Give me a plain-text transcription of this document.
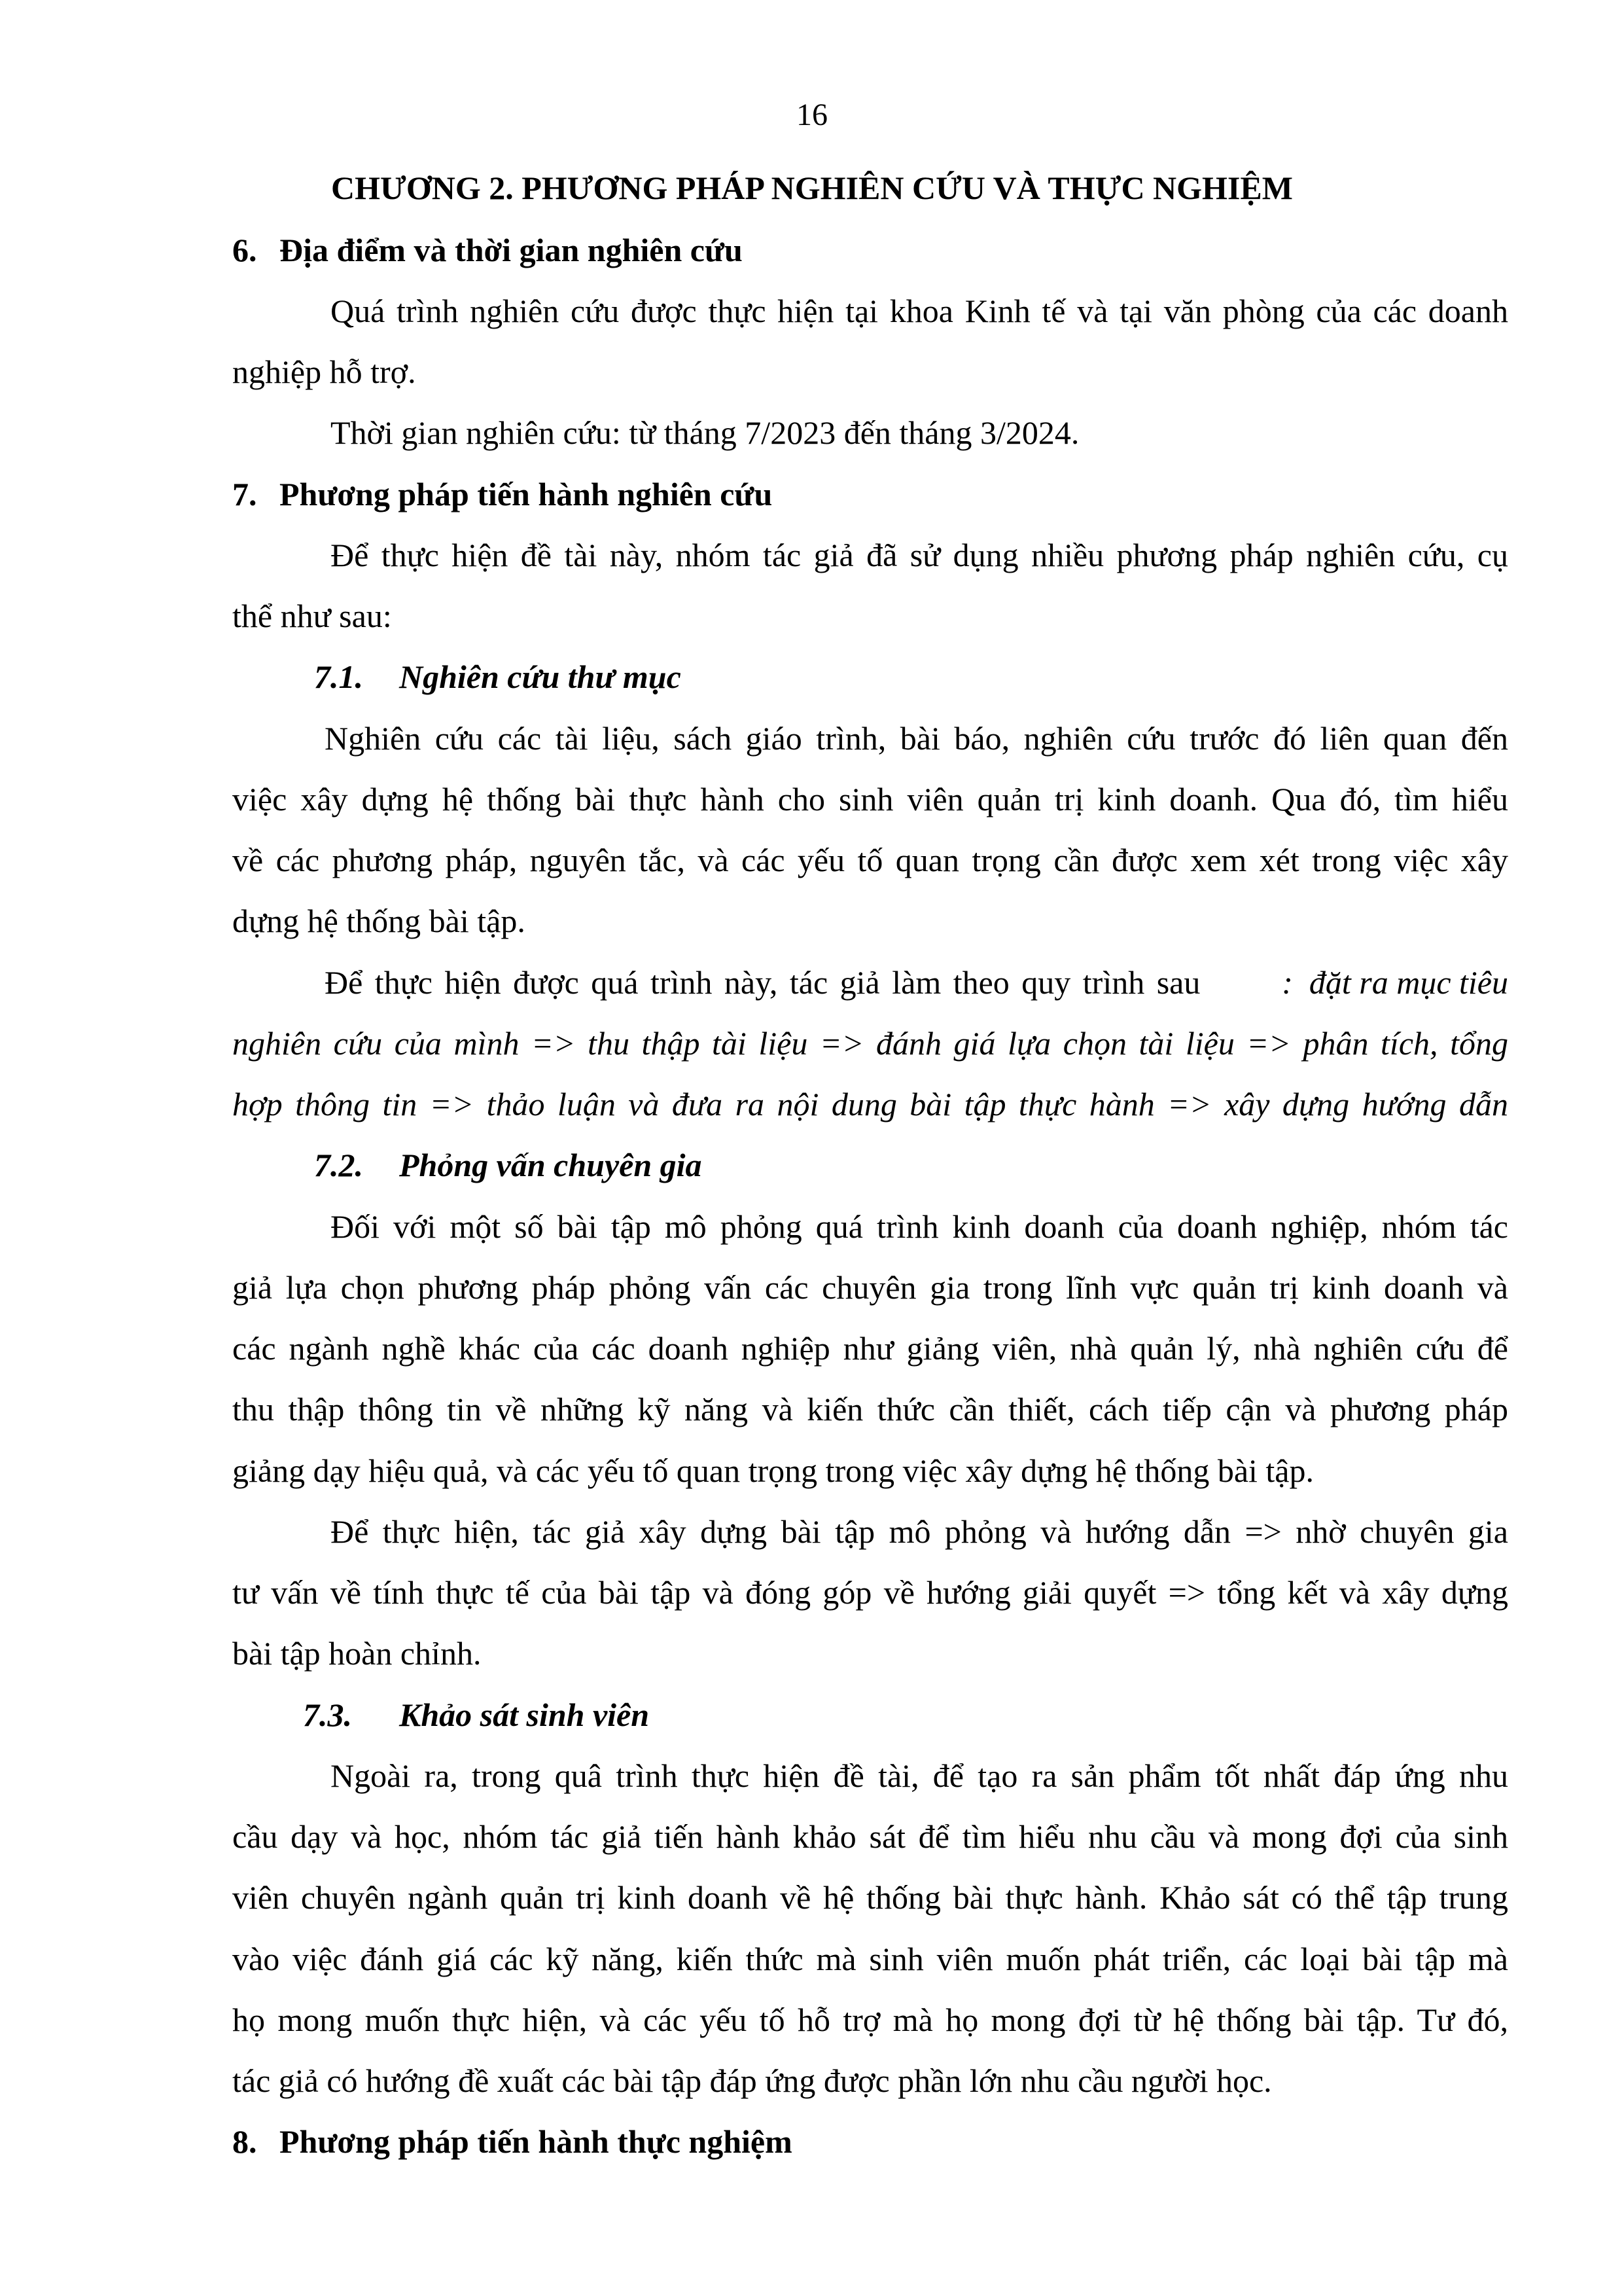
16
CHƯƠNG 2. PHƯƠNG PHÁP NGHIÊN CỨU VÀ THỰC NGHIỆM
6. Địa điểm và thời gian nghiên cứu
Quá trình nghiên cứu được thực hiện tại khoa Kinh tế và tại văn phòng của các doanh
nghiệp hỗ trợ.
Thời gian nghiên cứu: từ tháng 7/2023 đến tháng 3/2024.
7. Phương pháp tiến hành nghiên cứu
Để thực hiện đề tài này, nhóm tác giả đã sử dụng nhiều phương pháp nghiên cứu, cụ
thể như sau:
7.1. Nghiên cứu thư mục
Nghiên cứu các tài liệu, sách giáo trình, bài báo, nghiên cứu trước đó liên quan đến
việc xây dựng hệ thống bài thực hành cho sinh viên quản trị kinh doanh. Qua đó, tìm hiểu
về các phương pháp, nguyên tắc, và các yếu tố quan trọng cần được xem xét trong việc xây
dựng hệ thống bài tập.
Để thực hiện được quá trình này, tác giả làm theo quy trình sau :  đặt ra mục tiêu
nghiên cứu của mình => thu thập tài liệu => đánh giá lựa chọn tài liệu => phân tích, tổng
hợp thông tin => thảo luận và đưa ra nội dung bài tập thực hành => xây dựng hướng dẫn
7.2. Phỏng vấn chuyên gia
Đối với một số bài tập mô phỏng quá trình kinh doanh của doanh nghiệp, nhóm tác
giả lựa chọn phương pháp phỏng vấn các chuyên gia trong lĩnh vực quản trị kinh doanh và
các ngành nghề khác của các doanh nghiệp như giảng viên, nhà quản lý, nhà nghiên cứu để
thu thập thông tin về những kỹ năng và kiến thức cần thiết, cách tiếp cận và phương pháp
giảng dạy hiệu quả, và các yếu tố quan trọng trong việc xây dựng hệ thống bài tập.
Để thực hiện, tác giả xây dựng bài tập mô phỏng và hướng dẫn => nhờ chuyên gia
tư vấn về tính thực tế của bài tập và đóng góp về hướng giải quyết => tổng kết và xây dựng
bài tập hoàn chỉnh.
7.3. Khảo sát sinh viên
Ngoài ra, trong quâ trình thực hiện đề tài, để tạo ra sản phẩm tốt nhất đáp ứng nhu
cầu dạy và học, nhóm tác giả tiến hành khảo sát để tìm hiểu nhu cầu và mong đợi của sinh
viên chuyên ngành quản trị kinh doanh về hệ thống bài thực hành. Khảo sát có thể tập trung
vào việc đánh giá các kỹ năng, kiến thức mà sinh viên muốn phát triển, các loại bài tập mà
họ mong muốn thực hiện, và các yếu tố hỗ trợ mà họ mong đợi từ hệ thống bài tập. Tư đó,
tác giả có hướng đề xuất các bài tập đáp ứng được phần lớn nhu cầu người học.
8. Phương pháp tiến hành thực nghiệm
